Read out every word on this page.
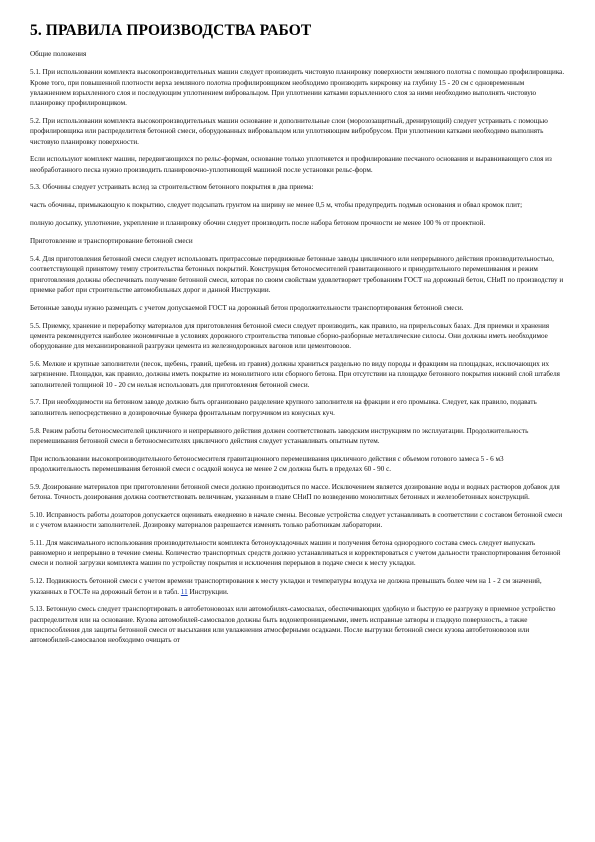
5. ПРАВИЛА ПРОИЗВОДСТВА РАБОТ
Общие положения
5.1. При использовании комплекта высокопроизводительных машин следует производить чистовую планировку поверхности земляного полотна с помощью профилировщика. Кроме того, при повышенной плотности верха земляного полотна профилировщиком необходимо производить киркровку на глубину 15 - 20 см с одновременным увлажнением взрыхленного слоя и последующим уплотнением вибровальцом. При уплотнении катками взрыхленного слоя за ними необходимо выполнять чистовую планировку профилировщиком.
5.2. При использовании комплекта высокопроизводительных машин основание и дополнительные слои (морозозащитный, дренирующий) следует устраивать с помощью профилировщика или распределителя бетонной смеси, оборудованных вибровальцом или уплотняющим вибробрусом. При уплотнении катками необходимо выполнять чистовую планировку поверхности.
Если используют комплект машин, передвигающихся по рельс-формам, основание только уплотняется и профилирование песчаного основания и выравнивающего слоя из необработанного песка нужно производить планировочно-уплотняющей машиной после установки рельс-форм.
5.3. Обочины следует устраивать вслед за строительством бетонного покрытия в два приема:
часть обочины, примыкающую к покрытию, следует подсыпать грунтом на ширину не менее 0,5 м, чтобы предупредить подмыв основания и обвал кромок плит;
полную досыпку, уплотнение, укрепление и планировку обочин следует производить после набора бетоном прочности не менее 100 % от проектной.
Приготовление и транспортирование бетонной смеси
5.4. Для приготовления бетонной смеси следует использовать притрассовые передвижные бетонные заводы цикличного или непрерывного действия производительностью, соответствующей принятому темпу строительства бетонных покрытий. Конструкция бетоносмесителей гравитационного и принудительного перемешивания и режим приготовления должны обеспечивать получение бетонной смеси, которая по своим свойствам удовлетворяет требованиям ГОСТ на дорожный бетон, СНиП по производству и приемке работ при строительстве автомобильных дорог и данной Инструкции.
Бетонные заводы нужно размещать с учетом допускаемой ГОСТ на дорожный бетон продолжительности транспортирования бетонной смеси.
5.5. Приемку, хранение и переработку материалов для приготовления бетонной смеси следует производить, как правило, на прирельсовых базах. Для приемки и хранения цемента рекомендуется наиболее экономичные в условиях дорожного строительства типовые сборно-разборные металлические силосы. Они должны иметь необходимое оборудование для механизированной разгрузки цемента из железнодорожных вагонов или цементовозов.
5.6. Мелкие и крупные заполнители (песок, щебень, гравий, щебень из гравия) должны храниться раздельно по виду породы и фракциям на площадках, исключающих их загрязнение. Площадки, как правило, должны иметь покрытие из монолитного или сборного бетона. При отсутствии на площадке бетонного покрытия нижний слой штабеля заполнителей толщиной 10 - 20 см нельзя использовать для приготовления бетонной смеси.
5.7. При необходимости на бетонном заводе должно быть организовано разделение крупного заполнителя на фракции и его промывка. Следует, как правило, подавать заполнитель непосредственно в дозировочные бункера фронтальным погрузчиком из конусных куч.
5.8. Режим работы бетоносмесителей цикличного и непрерывного действия должен соответствовать заводским инструкциям по эксплуатации. Продолжительность перемешивания бетонной смеси в бетоносмесителях цикличного действия следует устанавливать опытным путем.
При использовании высокопроизводительного бетоносмесителя гравитационного перемешивания цикличного действия с объемом готового замеса 5 - 6 м3 продолжительность перемешивания бетонной смеси с осадкой конуса не менее 2 см должна быть в пределах 60 - 90 с.
5.9. Дозирование материалов при приготовлении бетонной смеси должно производиться по массе. Исключением является дозирование воды и водных растворов добавок для бетона. Точность дозирования должна соответствовать величинам, указанным в главе СНиП по возведению монолитных бетонных и железобетонных конструкций.
5.10. Исправность работы дозаторов допускается оценивать ежедневно в начале смены. Весовые устройства следует устанавливать в соответствии с составом бетонной смеси и с учетом влажности заполнителей. Дозировку материалов разрешается изменять только работникам лаборатории.
5.11. Для максимального использования производительности комплекта бетоноукладочных машин и получения бетона однородного состава смесь следует выпускать равномерно и непрерывно в течение смены. Количество транспортных средств должно устанавливаться и корректироваться с учетом дальности транспортирования бетонной смеси и полной загрузки комплекта машин по устройству покрытия и исключения перерывов в подаче смеси к месту укладки.
5.12. Подвижность бетонной смеси с учетом времени транспортирования к месту укладки и температуры воздуха не должна превышать более чем на 1 - 2 см значений, указанных в ГОСТе на дорожный бетон и в табл. 11 Инструкции.
5.13. Бетонную смесь следует транспортировать в автобетоновозах или автомобилях-самосвалах, обеспечивающих удобную и быструю ее разгрузку в приемное устройство распределителя или на основание. Кузова автомобилей-самосвалов должны быть водонепроницаемыми, иметь исправные затворы и гладкую поверхность, а также приспособления для защиты бетонной смеси от высыхания или увлажнения атмосферными осадками. После выгрузки бетонной смеси кузова автобетоновозов или автомобилей-самосвалов необходимо очищать от
